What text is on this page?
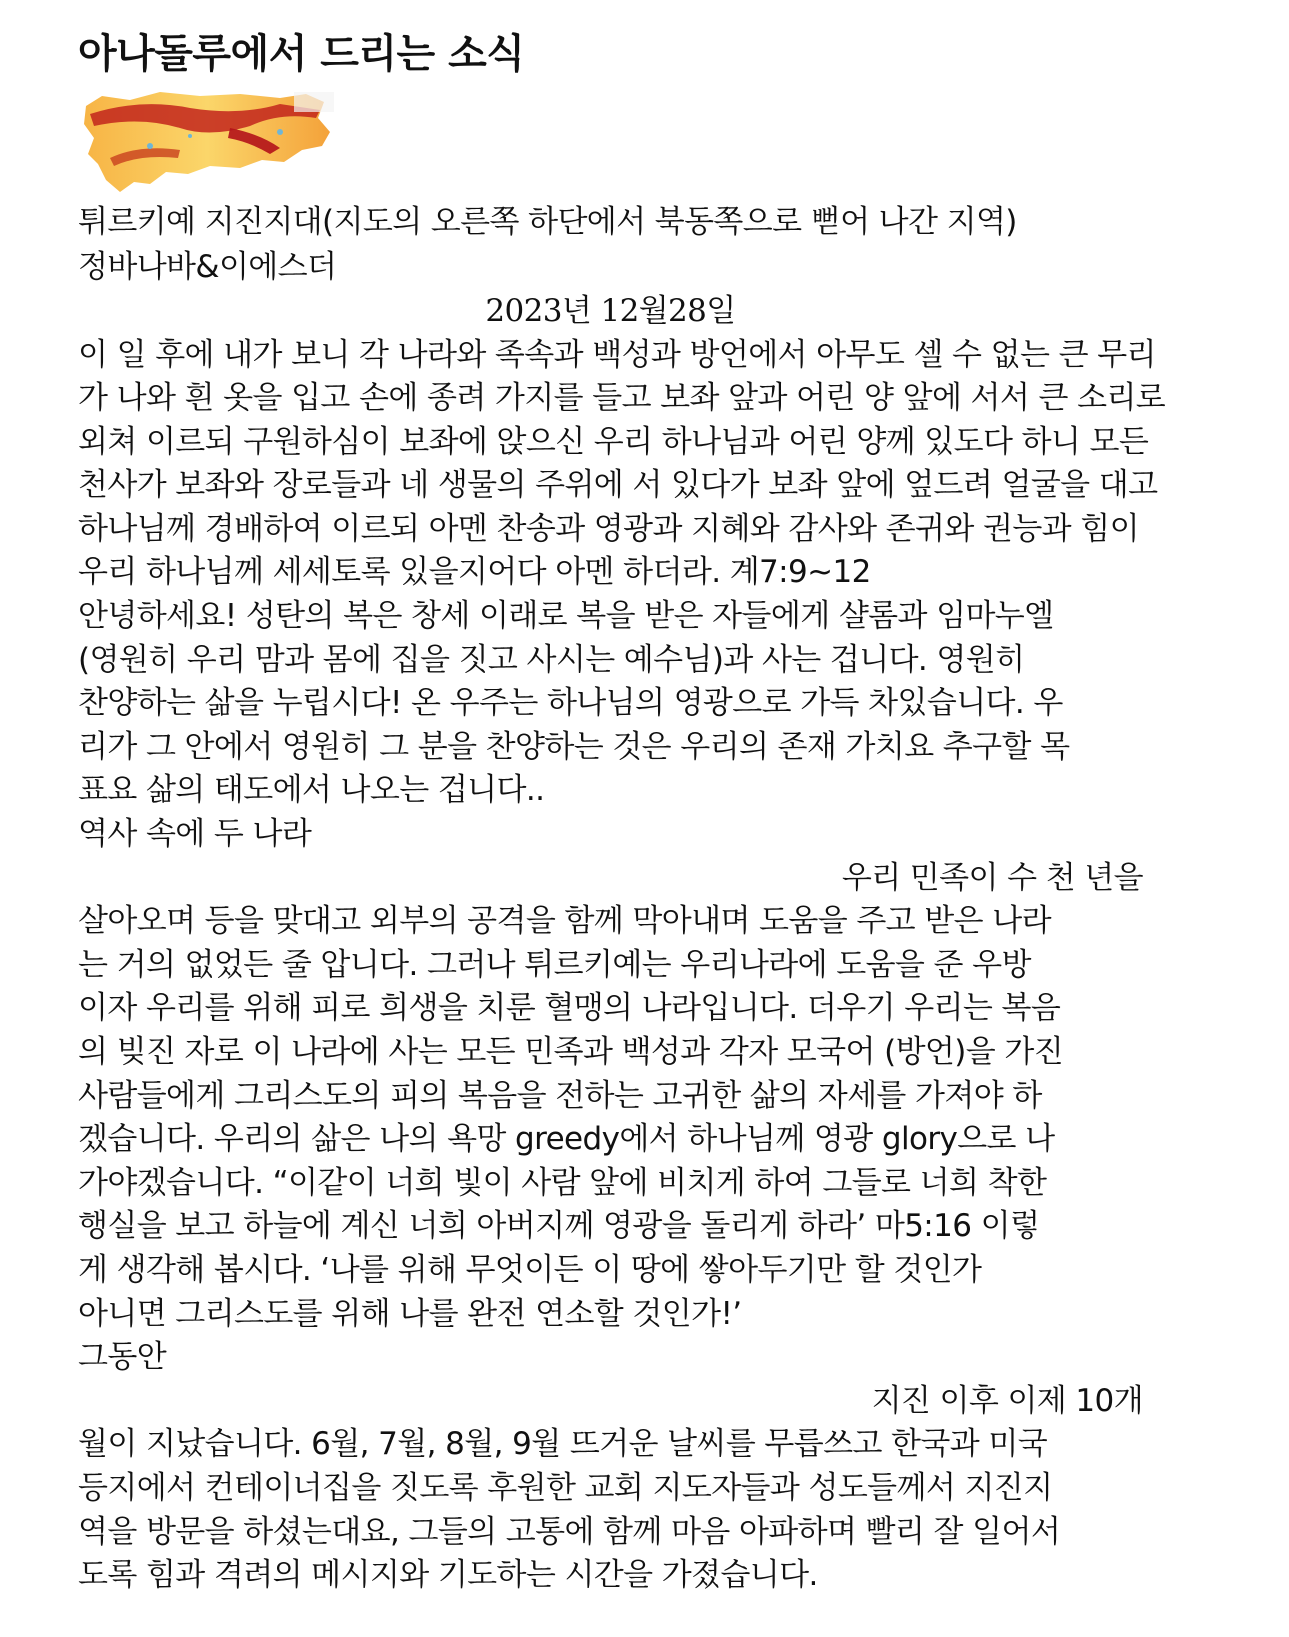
아나돌루에서 드리는 소식

튀르키예 지진지대(지도의 오른쪽 하단에서 북동쪽으로 뻗어 나간 지역)

정바나바&이에스더

2023년 12월28일

이 일 후에 내가 보니 각 나라와 족속과 백성과 방언에서 아무도 셀 수 없는 큰 무리
가 나와 흰 옷을 입고 손에 종려 가지를 들고 보좌 앞과 어린 양 앞에 서서 큰 소리로
외쳐 이르되 구원하심이 보좌에 앉으신 우리 하나님과 어린 양께 있도다 하니 모든
천사가 보좌와 장로들과 네 생물의 주위에 서 있다가 보좌 앞에 엎드려 얼굴을 대고
하나님께 경배하여 이르되 아멘 찬송과 영광과 지혜와 감사와 존귀와 권능과 힘이
우리 하나님께 세세토록 있을지어다 아멘 하더라. 계7:9~12
안녕하세요! 성탄의 복은 창세 이래로 복을 받은 자들에게 샬롬과 임마누엘
(영원히 우리 맘과 몸에 집을 짓고 사시는 예수님)과 사는 겁니다. 영원히
찬양하는 삶을 누립시다! 온 우주는 하나님의 영광으로 가득 차있습니다. 우
리가 그 안에서 영원히 그 분을 찬양하는 것은 우리의 존재 가치요 추구할 목
표요 삶의 태도에서 나오는 겁니다..
역사 속에 두 나라
우리 민족이 수 천 년을
살아오며 등을 맞대고 외부의 공격을 함께 막아내며 도움을 주고 받은 나라
는 거의 없었든 줄 압니다. 그러나 튀르키예는 우리나라에 도움을 준 우방
이자 우리를 위해 피로 희생을 치룬 혈맹의 나라입니다. 더우기 우리는 복음
의 빚진 자로 이 나라에 사는 모든 민족과 백성과 각자 모국어 (방언)을 가진
사람들에게 그리스도의 피의 복음을 전하는 고귀한 삶의 자세를 가져야 하
겠습니다. 우리의 삶은 나의 욕망 greedy에서 하나님께 영광 glory으로 나
가야겠습니다. “이같이 너희 빛이 사람 앞에 비치게 하여 그들로 너희 착한
행실을 보고 하늘에 계신 너희 아버지께 영광을 돌리게 하라’ 마5:16 이렇
게 생각해 봅시다. ‘나를 위해 무엇이든 이 땅에 쌓아두기만 할 것인가
아니면 그리스도를 위해 나를 완전 연소할 것인가!’
그동안
지진 이후 이제 10개
월이 지났습니다. 6월, 7월, 8월, 9월 뜨거운 날씨를 무릅쓰고 한국과 미국
등지에서 컨테이너집을 짓도록 후원한 교회 지도자들과 성도들께서 지진지
역을 방문을 하셨는대요, 그들의 고통에 함께 마음 아파하며 빨리 잘 일어서
도록 힘과 격려의 메시지와 기도하는 시간을 가졌습니다.
